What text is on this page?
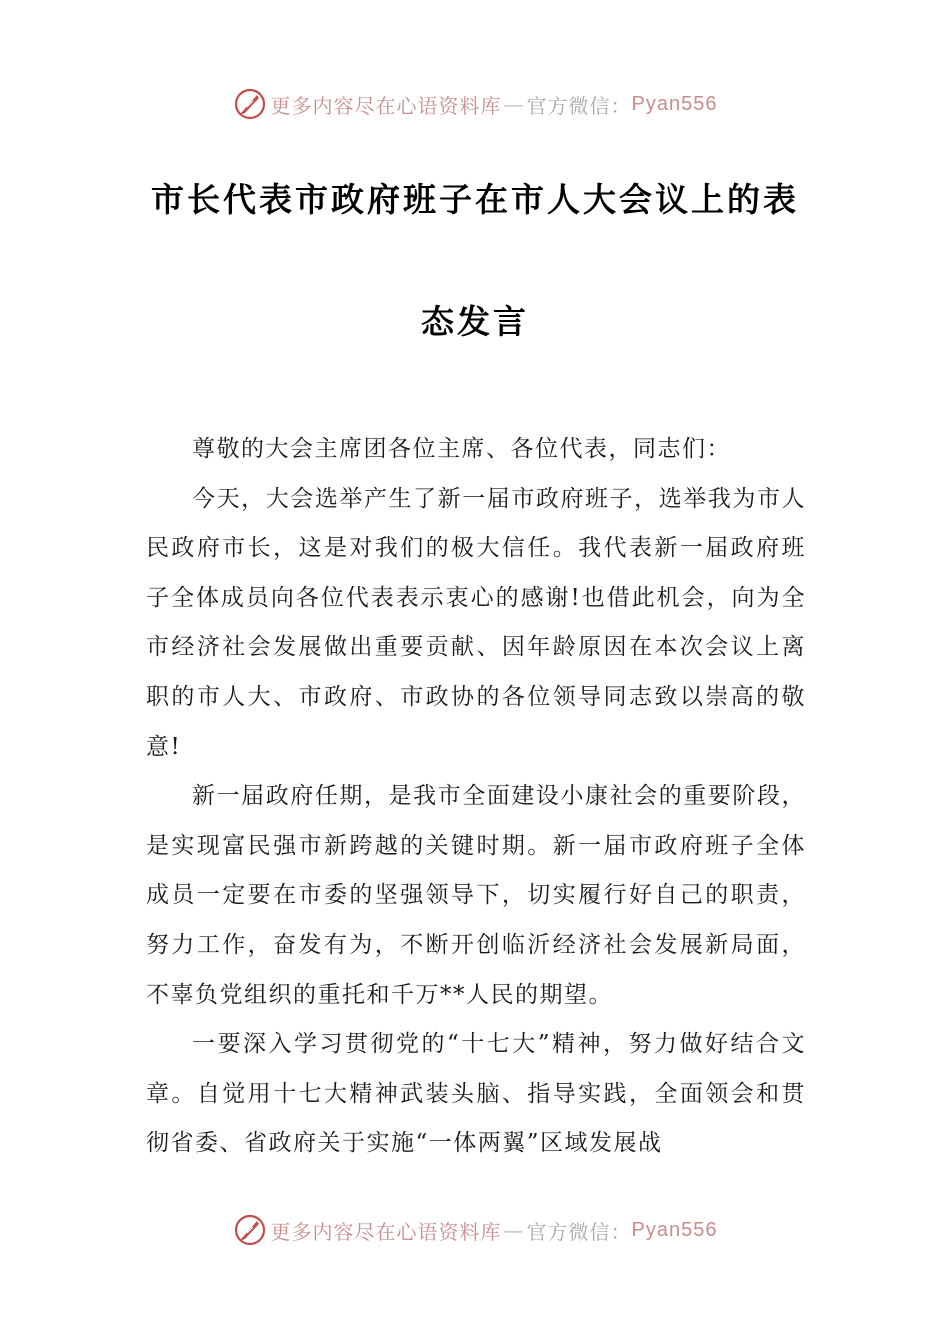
更多内容尽在心语资料库 — 官方微信： Pyan556
市长代表市政府班子在市人大会议上的表
态发言

尊敬的大会主席团各位主席、各位代表，同志们：

今天，大会选举产生了新一届市政府班子，选举我为市人民政府市长，这是对我们的极大信任。我代表新一届政府班子全体成员向各位代表表示衷心的感谢!也借此机会，向为全市经济社会发展做出重要贡献、因年龄原因在本次会议上离职的市人大、市政府、市政协的各位领导同志致以崇高的敬意!

新一届政府任期，是我市全面建设小康社会的重要阶段，是实现富民强市新跨越的关键时期。新一届市政府班子全体成员一定要在市委的坚强领导下，切实履行好自己的职责，努力工作，奋发有为，不断开创临沂经济社会发展新局面，不辜负党组织的重托和千万**人民的期望。

一要深入学习贯彻党的“十七大”精神，努力做好结合文章。自觉用十七大精神武装头脑、指导实践，全面领会和贯彻省委、省政府关于实施“一体两翼”区域发展战

更多内容尽在心语资料库 — 官方微信： Pyan556
